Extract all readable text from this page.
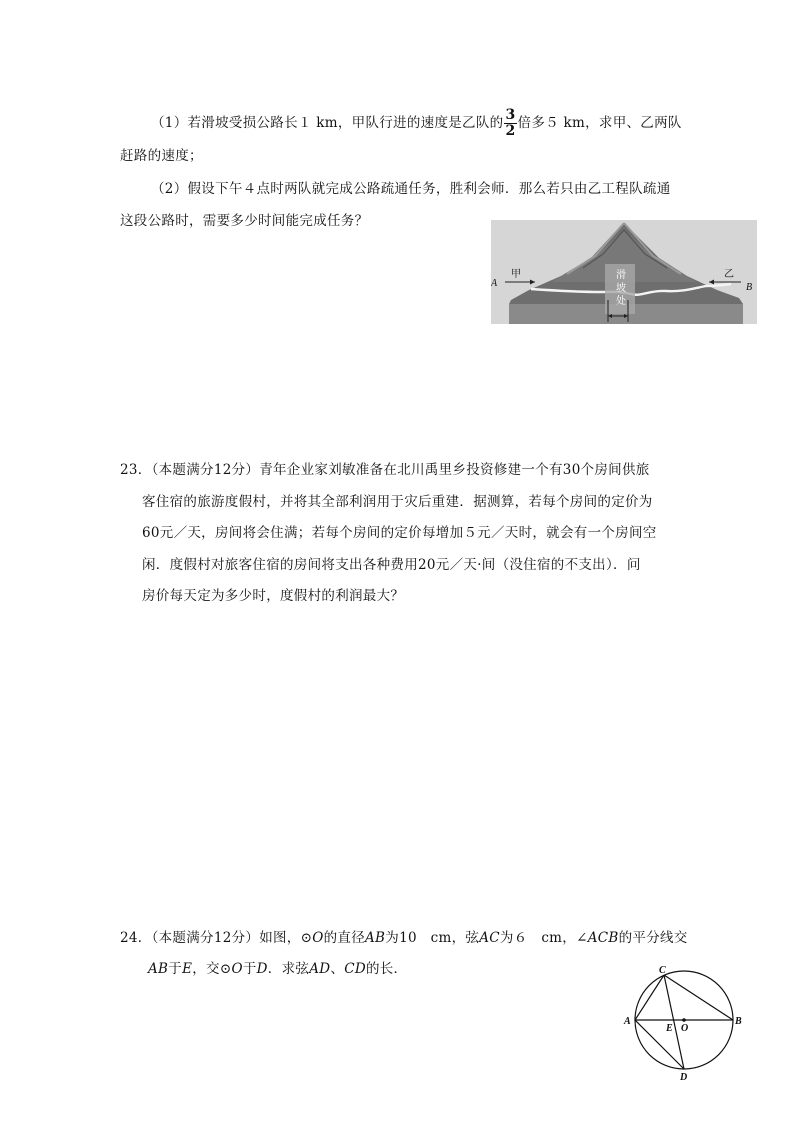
（1）若滑坡受损公路长１ km，甲队行进的速度是乙队的 $\frac{3}{2}$ 倍多５ km，求甲、乙两队
赶路的速度；
（2）假设下午４点时两队就完成公路疏通任务，胜利会师．那么若只由乙工程队疏通
这段公路时，需要多少时间能完成任务？
滑
坡
处
A
甲	乙
B
23．（本题满分12分）青年企业家刘敏准备在北川禹里乡投资修建一个有30个房间供旅
客住宿的旅游度假村，并将其全部利润用于灾后重建．据测算，若每个房间的定价为
60元／天，房间将会住满；若每个房间的定价每增加５元／天时，就会有一个房间空
闲．度假村对旅客住宿的房间将支出各种费用20元／天·间（没住宿的不支出）．问
房价每天定为多少时，度假村的利润最大？
24．（本题满分12分）如图，⊙O的直径AB为10　cm，弦AC为６　cm，∠ACB的平分线交
AB于E，交⊙O于D．求弦AD、CD的长．	C
A
E O
B
D
